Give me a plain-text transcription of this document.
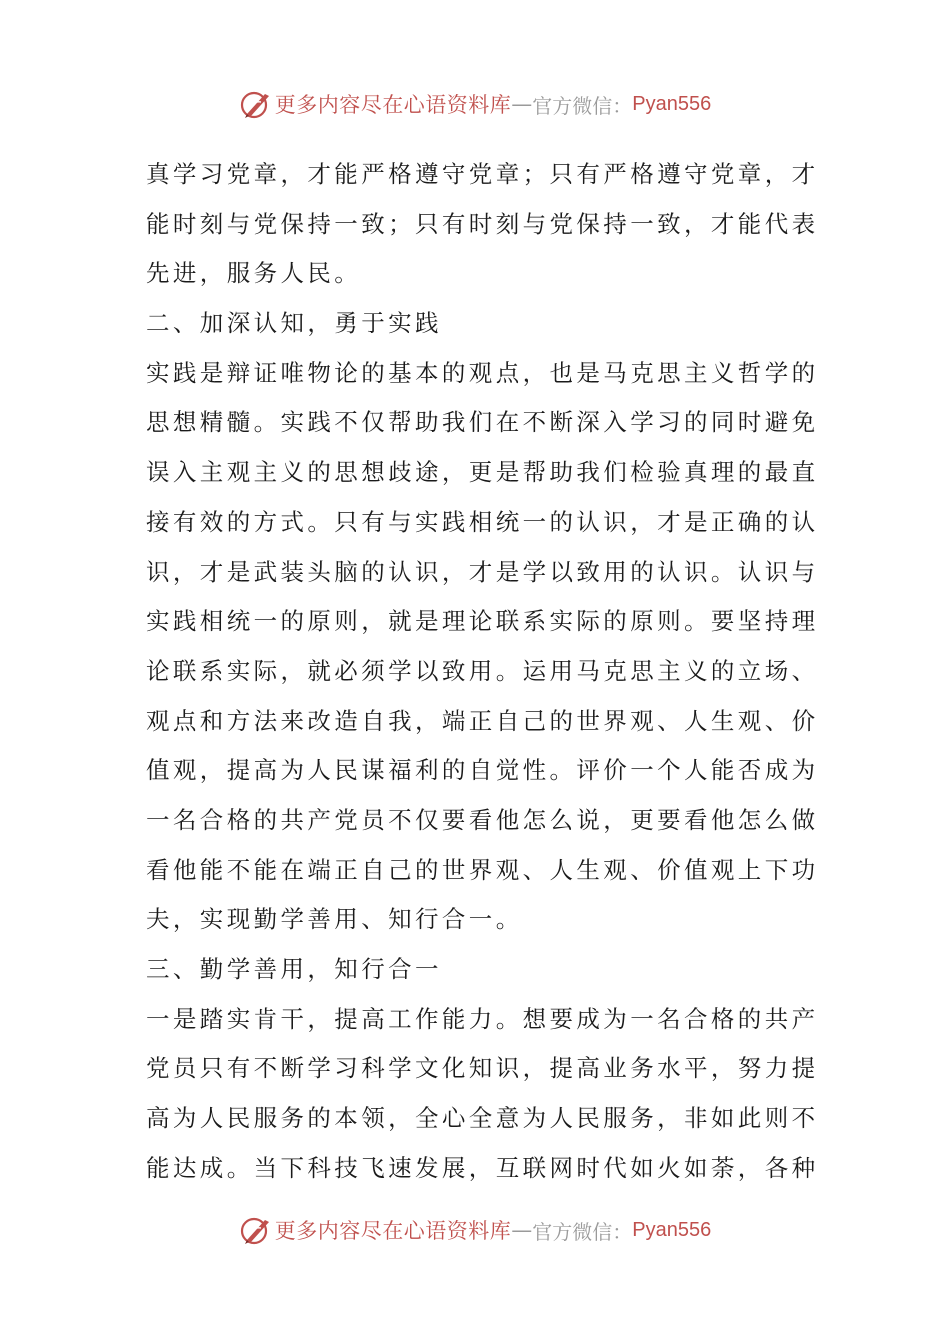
更多内容尽在心语资料库 — 官方微信： Pyan556
真学习党章，才能严格遵守党章；只有严格遵守党章，才
能时刻与党保持一致；只有时刻与党保持一致，才能代表
先进，服务人民。
二、加深认知，勇于实践
实践是辩证唯物论的基本的观点，也是马克思主义哲学的
思想精髓。实践不仅帮助我们在不断深入学习的同时避免
误入主观主义的思想歧途，更是帮助我们检验真理的最直
接有效的方式。只有与实践相统一的认识，才是正确的认
识，才是武装头脑的认识，才是学以致用的认识。认识与
实践相统一的原则，就是理论联系实际的原则。要坚持理
论联系实际，就必须学以致用。运用马克思主义的立场、
观点和方法来改造自我，端正自己的世界观、人生观、价
值观，提高为人民谋福利的自觉性。评价一个人能否成为
一名合格的共产党员不仅要看他怎么说，更要看他怎么做
看他能不能在端正自己的世界观、人生观、价值观上下功
夫，实现勤学善用、知行合一。
三、勤学善用，知行合一
一是踏实肯干，提高工作能力。想要成为一名合格的共产
党员只有不断学习科学文化知识，提高业务水平，努力提
高为人民服务的本领，全心全意为人民服务，非如此则不
能达成。当下科技飞速发展，互联网时代如火如荼，各种
更多内容尽在心语资料库 — 官方微信： Pyan556
